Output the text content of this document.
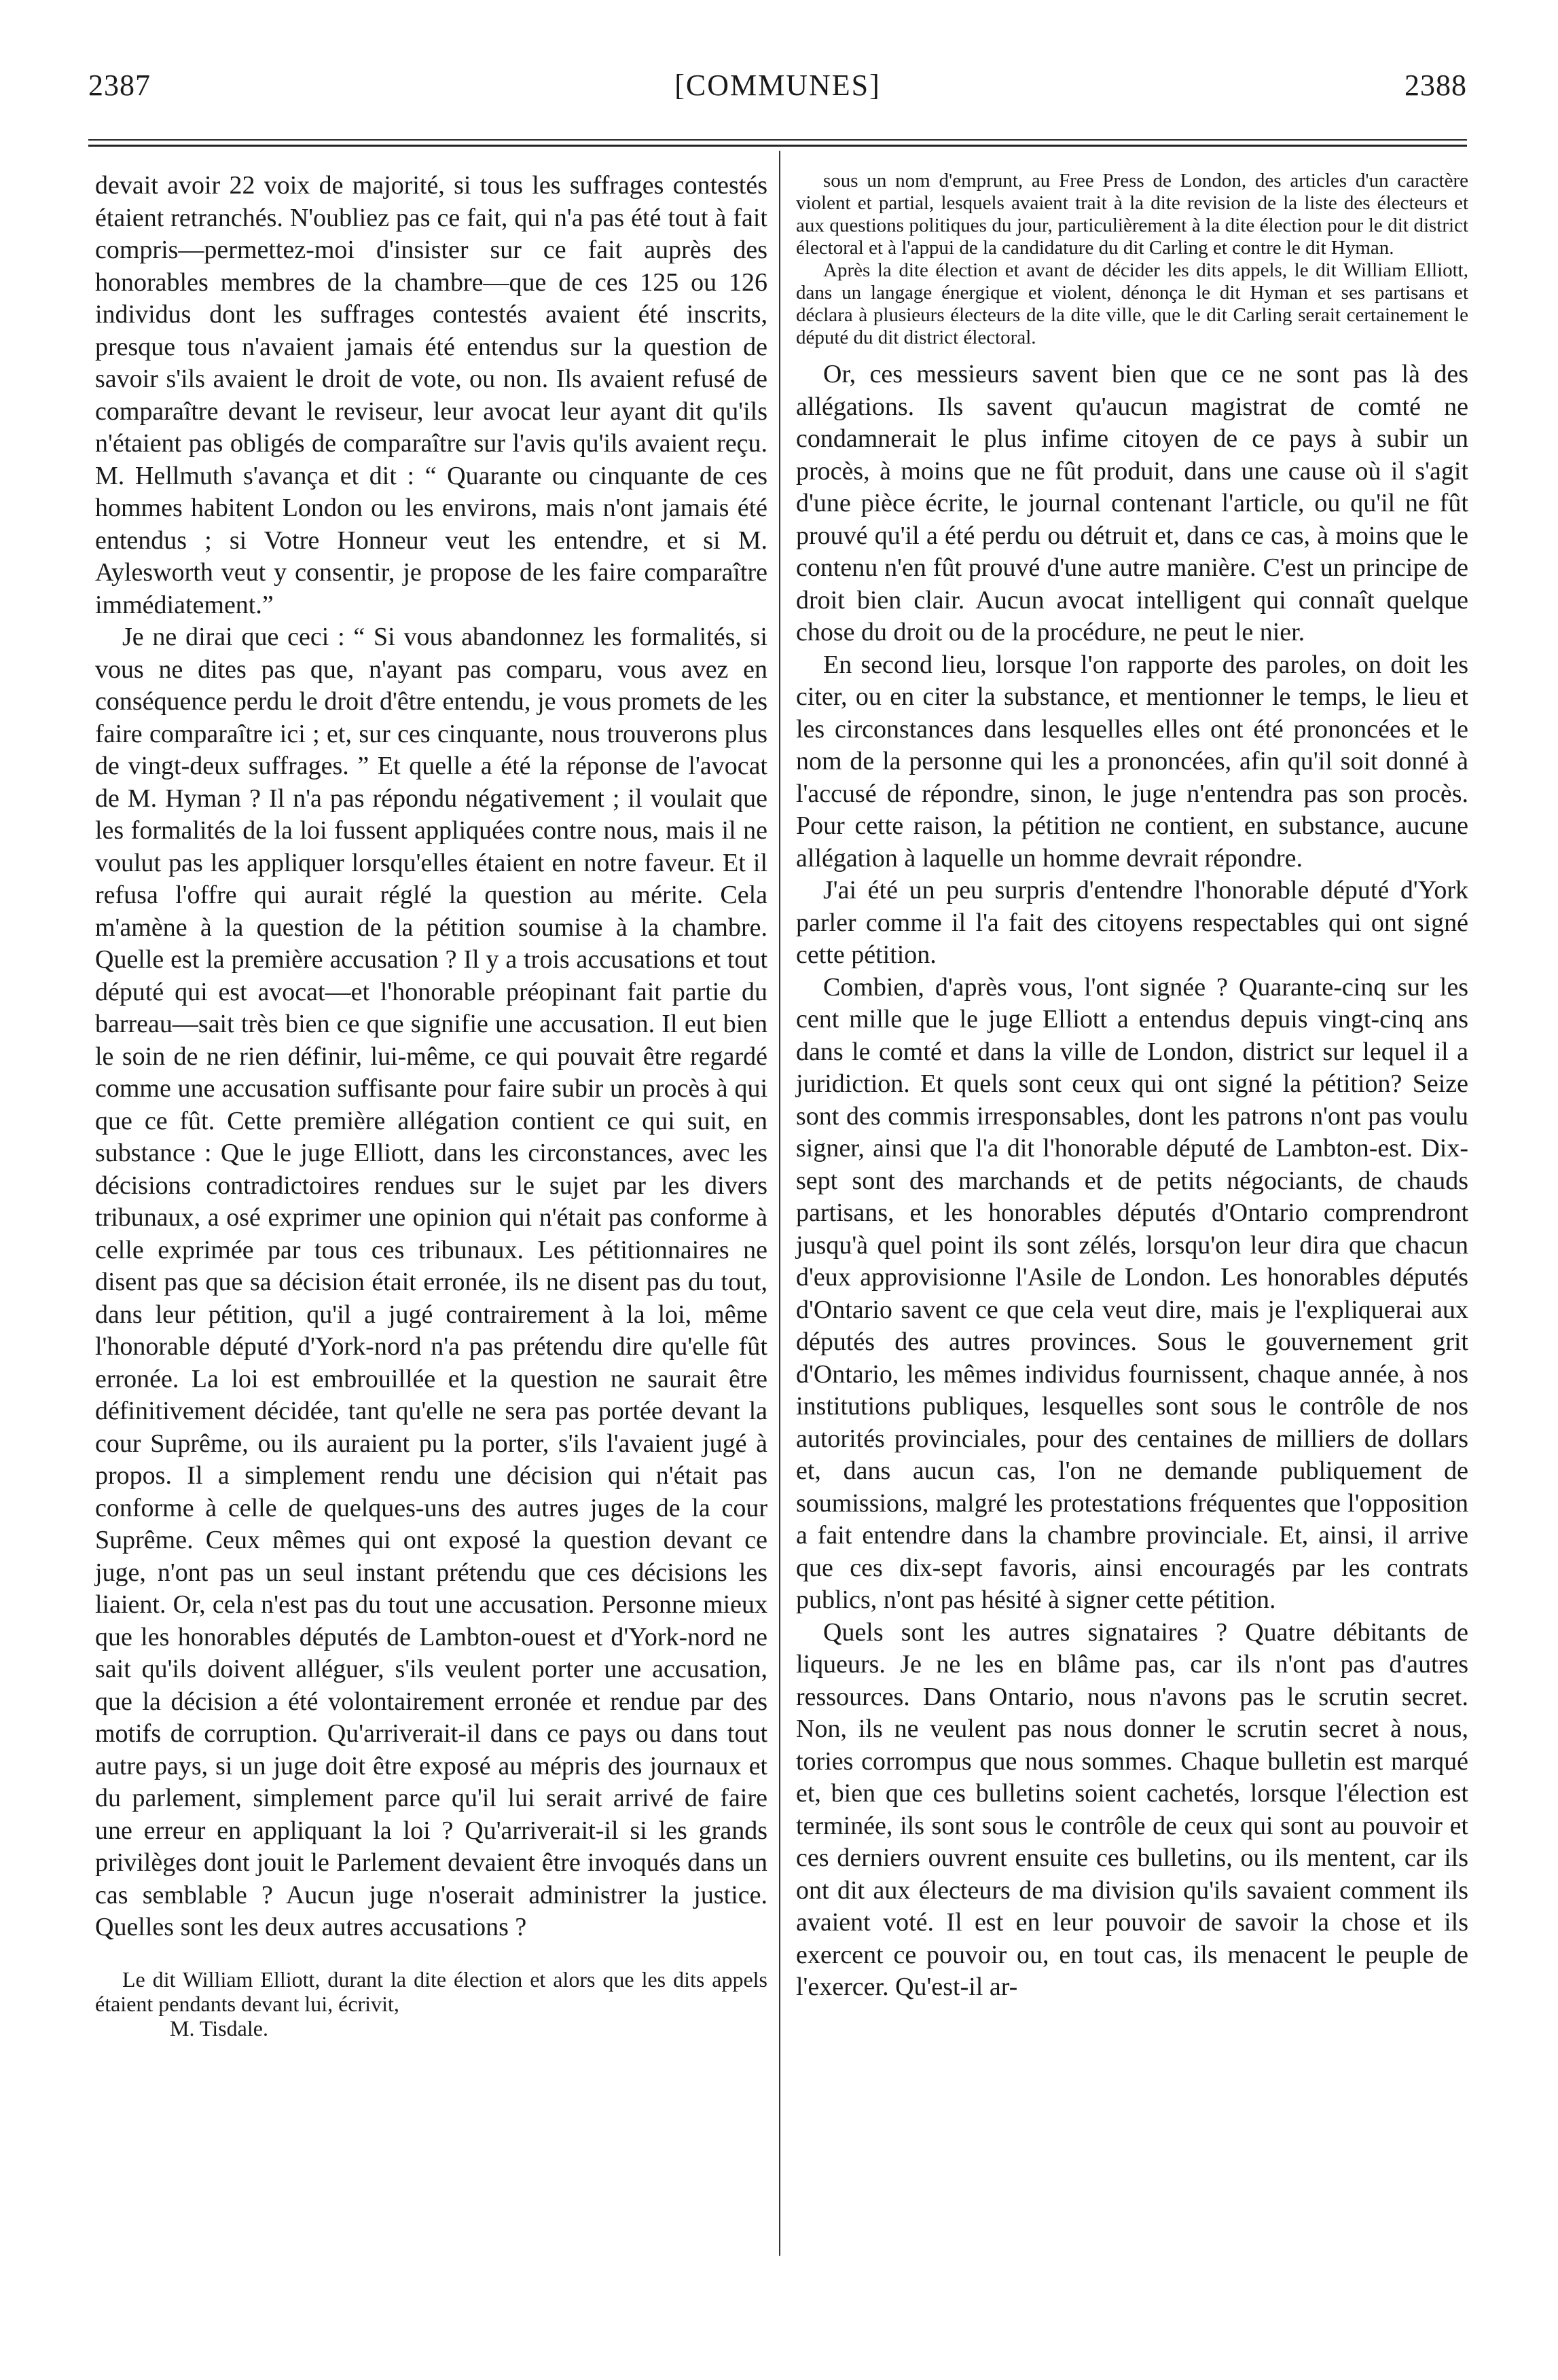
2387	[COMMUNES]	2388

devait avoir 22 voix de majorité, si tous les suffrages contestés étaient retranchés. N'oubliez pas ce fait, qui n'a pas été tout à fait compris—permettez-moi d'insister sur ce fait auprès des honorables membres de la chambre—que de ces 125 ou 126 individus dont les suffrages contestés avaient été inscrits, presque tous n'avaient jamais été entendus sur la question de savoir s'ils avaient le droit de vote, ou non. Ils avaient refusé de comparaître devant le reviseur, leur avocat leur ayant dit qu'ils n'étaient pas obligés de comparaître sur l'avis qu'ils avaient reçu. M. Hellmuth s'avança et dit : “ Quarante ou cinquante de ces hommes habitent London ou les environs, mais n'ont jamais été entendus ; si Votre Honneur veut les entendre, et si M. Aylesworth veut y consentir, je propose de les faire comparaître immédiatement.”

Je ne dirai que ceci : “ Si vous abandonnez les formalités, si vous ne dites pas que, n'ayant pas comparu, vous avez en conséquence perdu le droit d'être entendu, je vous promets de les faire comparaître ici ; et, sur ces cinquante, nous trouverons plus de vingt-deux suffrages. ” Et quelle a été la réponse de l'avocat de M. Hyman ? Il n'a pas répondu négativement ; il voulait que les formalités de la loi fussent appliquées contre nous, mais il ne voulut pas les appliquer lorsqu'elles étaient en notre faveur. Et il refusa l'offre qui aurait réglé la question au mérite. Cela m'amène à la question de la pétition soumise à la chambre. Quelle est la première accusation ? Il y a trois accusations et tout député qui est avocat—et l'honorable préopinant fait partie du barreau—sait très bien ce que signifie une accusation. Il eut bien le soin de ne rien définir, lui-même, ce qui pouvait être regardé comme une accusation suffisante pour faire subir un procès à qui que ce fût. Cette première allégation contient ce qui suit, en substance : Que le juge Elliott, dans les circonstances, avec les décisions contradictoires rendues sur le sujet par les divers tribunaux, a osé exprimer une opinion qui n'était pas conforme à celle exprimée par tous ces tribunaux. Les pétitionnaires ne disent pas que sa décision était erronée, ils ne disent pas du tout, dans leur pétition, qu'il a jugé contrairement à la loi, même l'honorable député d'York-nord n'a pas prétendu dire qu'elle fût erronée. La loi est embrouillée et la question ne saurait être définitivement décidée, tant qu'elle ne sera pas portée devant la cour Suprême, ou ils auraient pu la porter, s'ils l'avaient jugé à propos. Il a simplement rendu une décision qui n'était pas conforme à celle de quelques-uns des autres juges de la cour Suprême. Ceux mêmes qui ont exposé la question devant ce juge, n'ont pas un seul instant prétendu que ces décisions les liaient. Or, cela n'est pas du tout une accusation. Personne mieux que les honorables députés de Lambton-ouest et d'York-nord ne sait qu'ils doivent alléguer, s'ils veulent porter une accusation, que la décision a été volontairement erronée et rendue par des motifs de corruption. Qu'arriverait-il dans ce pays ou dans tout autre pays, si un juge doit être exposé au mépris des journaux et du parlement, simplement parce qu'il lui serait arrivé de faire une erreur en appliquant la loi ? Qu'arriverait-il si les grands privilèges dont jouit le Parlement devaient être invoqués dans un cas semblable ? Aucun juge n'oserait administrer la justice. Quelles sont les deux autres accusations ?

Le dit William Elliott, durant la dite élection et alors que les dits appels étaient pendants devant lui, écrivit,

M. Tisdale.

sous un nom d'emprunt, au Free Press de London, des articles d'un caractère violent et partial, lesquels avaient trait à la dite revision de la liste des électeurs et aux questions politiques du jour, particulièrement à la dite élection pour le dit district électoral et à l'appui de la candidature du dit Carling et contre le dit Hyman.

Après la dite élection et avant de décider les dits appels, le dit William Elliott, dans un langage énergique et violent, dénonça le dit Hyman et ses partisans et déclara à plusieurs électeurs de la dite ville, que le dit Carling serait certainement le député du dit district électoral.

Or, ces messieurs savent bien que ce ne sont pas là des allégations. Ils savent qu'aucun magistrat de comté ne condamnerait le plus infime citoyen de ce pays à subir un procès, à moins que ne fût produit, dans une cause où il s'agit d'une pièce écrite, le journal contenant l'article, ou qu'il ne fût prouvé qu'il a été perdu ou détruit et, dans ce cas, à moins que le contenu n'en fût prouvé d'une autre manière. C'est un principe de droit bien clair. Aucun avocat intelligent qui connaît quelque chose du droit ou de la procédure, ne peut le nier.

En second lieu, lorsque l'on rapporte des paroles, on doit les citer, ou en citer la substance, et mentionner le temps, le lieu et les circonstances dans lesquelles elles ont été prononcées et le nom de la personne qui les a prononcées, afin qu'il soit donné à l'accusé de répondre, sinon, le juge n'entendra pas son procès. Pour cette raison, la pétition ne contient, en substance, aucune allégation à laquelle un homme devrait répondre.

J'ai été un peu surpris d'entendre l'honorable député d'York parler comme il l'a fait des citoyens respectables qui ont signé cette pétition.

Combien, d'après vous, l'ont signée ? Quarante-cinq sur les cent mille que le juge Elliott a entendus depuis vingt-cinq ans dans le comté et dans la ville de London, district sur lequel il a juridiction. Et quels sont ceux qui ont signé la pétition? Seize sont des commis irresponsables, dont les patrons n'ont pas voulu signer, ainsi que l'a dit l'honorable député de Lambton-est. Dix-sept sont des marchands et de petits négociants, de chauds partisans, et les honorables députés d'Ontario comprendront jusqu'à quel point ils sont zélés, lorsqu'on leur dira que chacun d'eux approvisionne l'Asile de London. Les honorables députés d'Ontario savent ce que cela veut dire, mais je l'expliquerai aux députés des autres provinces. Sous le gouvernement grit d'Ontario, les mêmes individus fournissent, chaque année, à nos institutions publiques, lesquelles sont sous le contrôle de nos autorités provinciales, pour des centaines de milliers de dollars et, dans aucun cas, l'on ne demande publiquement de soumissions, malgré les protestations fréquentes que l'opposition a fait entendre dans la chambre provinciale. Et, ainsi, il arrive que ces dix-sept favoris, ainsi encouragés par les contrats publics, n'ont pas hésité à signer cette pétition.

Quels sont les autres signataires ? Quatre débitants de liqueurs. Je ne les en blâme pas, car ils n'ont pas d'autres ressources. Dans Ontario, nous n'avons pas le scrutin secret. Non, ils ne veulent pas nous donner le scrutin secret à nous, tories corrompus que nous sommes. Chaque bulletin est marqué et, bien que ces bulletins soient cachetés, lorsque l'élection est terminée, ils sont sous le contrôle de ceux qui sont au pouvoir et ces derniers ouvrent ensuite ces bulletins, ou ils mentent, car ils ont dit aux électeurs de ma division qu'ils savaient comment ils avaient voté. Il est en leur pouvoir de savoir la chose et ils exercent ce pouvoir ou, en tout cas, ils menacent le peuple de l'exercer. Qu'est-il ar-
